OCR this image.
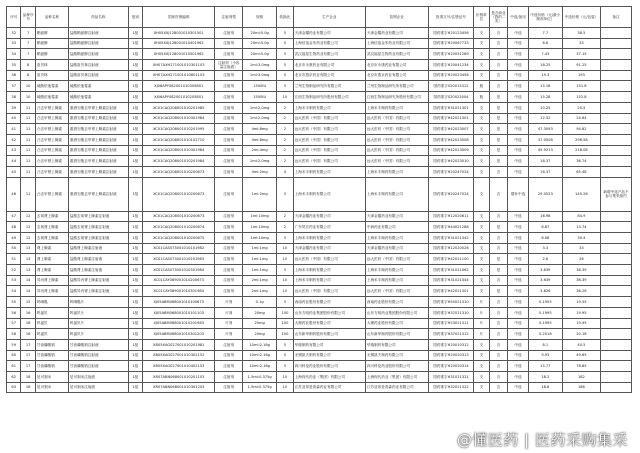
序号	品种序号	品种名称	药品名称	组别	国家医保编码	注射剂型	规格	转换比	生产企业	挂网企业	批准文号/注册证号	价格单位	是否商业（我的二类）	中选/备用	中选价格（元/最小制剂单位）	中选价格（元/包装）	备注
32	7	鞘氨醇	盐酸鞘氨醇注射液	1组	XH05XXJ128001010301501	注射剂	20ml:5.0g	5	天津金耀药业有限公司	天津金耀药业有限公司	国药准字H20123456	支	否	中选	7.7	38.5	
33	7	鞘氨醇	盐酸鞘氨醇注射液	1组	XH05XXJ128001010401962	注射剂	20ml:5.0g	5	上海信谊金朱药业有限公司	上海信谊金朱药业有限公司	国药准字H20067733	支	否	中选	6.6	33	
34	7	鞘氨醇	盐酸鞘氨醇注射液	1组	XH05XXJ128001010501962	注射剂	20ml:5.0g	5	武汉福星生物药业有限公司	武汉福星生物药业有限公司	国药准字H20051289	支	否	中选	7.43	37.15	
35	8	洛贝林	盐酸洛贝林注射液	1组	XH07AXH271001010301103	注射剂（小容量注射液）	1ml:3.0mg	5	北京市永康药业有限公司	北京市永康药业有限公司	国药准字H20041234	支	否	中选	18.25	91.25	
36	8	洛贝林	盐酸洛贝林注射液	1组	XH07AXH271001010601103	注射剂	1ml:3.0mg	5	北京市燕京药业有限公司	北京市燕京药业有限公司	国药准字H20023456	支	否	中选	19.3	193	
37	10	硫酸依他霉素	硫酸依他霉素	1组	XJ06APY082001010305801	注射剂	1500IU	5	兰州生物制品研究所有限公司	兰州生物制品研究所有限公司	国药准字S20013312	瓶	否	中选	15.18	151.8	
38	10	硫酸依他霉素	硫酸依他霉素	1组	XJ06APY082001010205801	注射剂	1500IU	10	江西生物制品研究所股份有限公司	江西生物制品研究所股份有限公司	国药准字S20023004	瓶	是	中选	15.28	152.8	
39	11	凸去甲肾上腺素	重酒石酸去甲肾上腺素注射液	1组	XC01CAQ208001010201985	注射剂	1ml:2.0mg	2	上海禾丰制药有限公司	上海禾丰制药有限公司	国药准字H31021301	支	是	中选	10.25	20.5	
40	11	凸去甲肾上腺素	重酒石酸去甲肾上腺素注射液	1组	XC01CAQ208001010301984	注射剂	1ml:2.0mg	2	远大医药（中国）有限公司	远大医药（中国）有限公司	国药准字H42021301	支	是	中选	12.32	24.64	
41	11	凸去甲肾上腺素	重酒石酸去甲肾上腺素注射液	1组	XC01CAQ208001010201995	注射剂	4ml:8mg	2	远大医药（中国）有限公司	远大医药（中国）有限公司	国药准字H42023007	支	是	中选	47.3093	94.62	
42	11	凸去甲肾上腺素	重酒石酸去甲肾上腺素注射液	1组	XC01CAQ208001010102710	注射剂	4ml:8mg	2	远大医药（中国）有限公司	远大医药（中国）有限公司	国药准字H42023008	支	是	中选	37.0508	296.58	
43	11	凸去甲肾上腺素	重酒石酸去甲肾上腺素注射液	1组	XC01CAQ208001010301984	注射剂	2ml:4mg	2	远大医药（中国）有限公司	远大医药（中国）有限公司	国药准字H42023009	支	是	中选	45.9213	218.08	
44	11	凸去甲肾上腺素	重酒石酸去甲肾上腺素注射液	1组	XC01CAQ208001010201984	注射剂	1ml:2.0mg	2	远大医药（中国）有限公司	远大医药（中国）有限公司	国药准字H42023010	支	是	中选	18.37	36.74	
45	11	凸去甲肾上腺素	重酒石酸去甲肾上腺素注射液	1组	XC01CAQ208001010200673	注射剂	4ml:2mg	4	上海禾丰制药有限公司	上海禾丰制药有限公司	国药准字H20247024	支	否	中选	16.37	65.48	
46	11	凸去甲肾上腺素	重酒石酸去甲肾上腺素注射液	1组	XC01CAQ208001010200673	注射剂	1ml:2mg	5	上海禾丰制药有限公司	上海禾丰制药有限公司	国药准字H20247024	支	否	增补中选	29.0523	145.26	新增中选产品不参与集采续约
47	12	去氧肾上腺素	盐酸去氧肾上腺素注射液	1组	XC01CAQ208001010200673	注射剂	1ml:10mg	2	天津金耀药业有限公司	天津金耀药业有限公司	国药准字H12020611	支	否	中选	16.98	84.9	
48	12	去氧肾上腺素	盐酸去氧肾上腺素注射液	1组	XC01CAQ208001010200674	注射剂	1ml:10mg	2	广东昊宏药业有限公司	中润药业有限公司	国药准字H44021288	支	是	中选	6.87	13.74	
49	12	去氧肾上腺素	盐酸去氧肾上腺素注射液	1组	XC01CAQ208001010200675	注射剂	1ml:10mg	5	上海禾丰制药有限公司	上海禾丰制药有限公司	国药准字H31021342	支	否	中选	6.08	30.4	
50	13	肾上腺素	盐酸肾上腺素注射液	1组	XC01CAS073001010101982	注射剂	1ml:1mg	10	天津金耀药业有限公司	天津金耀药业有限公司	国药准字H12020526	支	否	中选	3.3	33	
51	13	肾上腺素	盐酸肾上腺素注射液	1组	XC01CAS073001010201983	注射剂	1ml:1mg	10	远大医药（中国）有限公司	远大医药（中国）有限公司	国药准字H42021100	支	是	中选	2.6	26	
52	13	肾上腺素	盐酸肾上腺素注射液	1组	XC01CAS073001010301984	注射剂	1ml:1mg	5	上海禾丰制药有限公司	上海禾丰制药有限公司	国药准字H31021062	支	是	中选	3.639	36.39	
53	14	异丙肾上腺素	盐酸异丙肾上腺素注射液	1组	XC01CAY089001010200673	注射剂	2ml:1mg	10	上海禾丰制药有限公司	上海禾丰制药有限公司	国药准字H31021344	支	否	中选	3.639	36.39	
54	14	异丙肾上腺素	盐酸异丙肾上腺素注射液	1组	XC01CAY089001010301984	注射剂	2ml:1mg	10	远大医药（中国）有限公司	远大医药（中国）有限公司	国药准字H42021301	支	是	中选	3.626	36.26	
55	15	吗啉胍	吗啉胍片	1组	XJ05ABM068001010100673	片剂	0.1g	5	西南药业股份有限公司	西南药业股份有限公司	国药准字H50021310	片	否	中选	0.1955	19.55	
56	16	吗氯贝	吗氯贝片	1组	XJ05ABM068001010101103	片剂	20mg	100	山东方明药业集团股份有限公司	山东方明药业集团股份有限公司	国药准字H37021310	片	否	中选	0.1995	19.95	
57	16	吗氯贝	吗氯贝片	1组	XJ05ABM068001010201983	片剂	20mg	100	大理药业股份有限公司	大理药业股份有限公司	国药准字H53021311	片	否	中选	0.1995	19.95	
58	16	吗氯贝	吗氯贝片	1组	XJ05ABM068001010301203	片剂	20mg	100	山东新华制药股份有限公司	山东新华制药股份有限公司	国药准字H37021312	片	否	中选	0.2018	20.18	
59	17	甘油磷酸钠	甘油磷酸钠注射液	1组	XB05XAG027001010201981	注射剂	10ml:2.16g	5	华瑞制药有限公司	华瑞制药有限公司	国药准字H20010312	支	否	中选	8.1	40.5	
60	17	甘油磷酸钠	甘油磷酸钠注射液	1组	XB05XAG027001010302152	注射剂	10ml:2.16g	5	无锡凯夫制药有限公司	无锡凯夫制药有限公司	国药准字H20020313	支	否	中选	9.93	49.65	
61	17	甘油磷酸钠	甘油磷酸钠注射液	1组	XB05XAG027001010402153	注射剂	10ml:2.16g	5	四川科伦药业股份有限公司	四川科伦药业股份有限公司	国药准字H20020314	支	否	中选	15.77	78.85	
62	18	尼可刹米	尼可刹米注射液	1组	XR07ABN068001010201103	注射剂	1.5ml:0.375g	10	上海现代药业（集团）有限公司	上海现代药业（集团）有限公司	国药准字H31021321	支	否	中选	18.2	182	
63	18	尼可刹米	尼可刹米注射液	1组	XR07ABN068001010301203	注射剂	1.5ml:0.375g	10	江苏亚邦爱普森药业有限公司	江苏亚邦爱普森药业有限公司	国药准字H32021322	支	否	中选	18.6	186	
@懂医药 | 医药采购集采
